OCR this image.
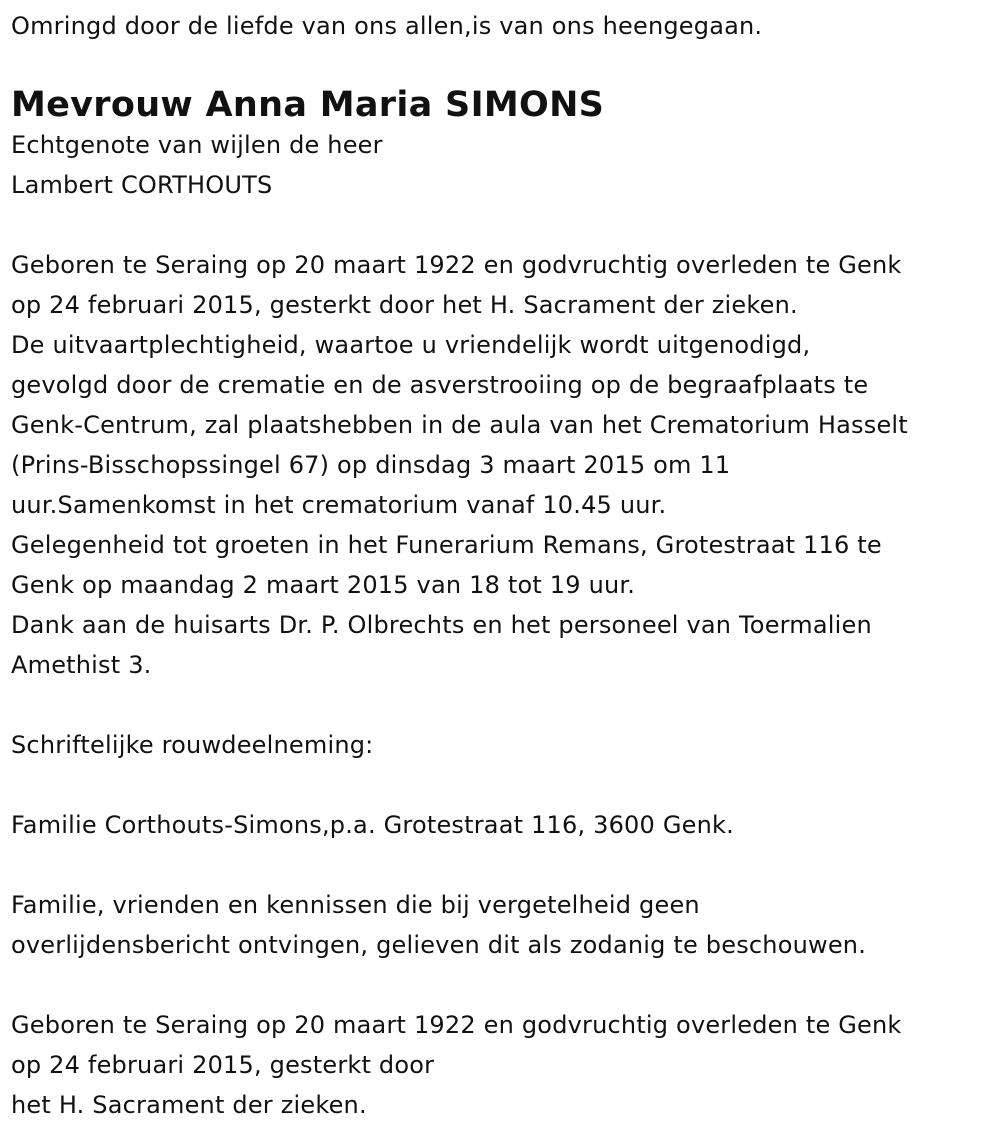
Omringd door de liefde van ons allen,is van ons heengegaan.
Mevrouw Anna Maria SIMONS
Echtgenote van wijlen de heer
Lambert CORTHOUTS
Geboren te Seraing op 20 maart 1922 en godvruchtig overleden te Genk
op 24 februari 2015, gesterkt door het H. Sacrament der zieken.
De uitvaartplechtigheid, waartoe u vriendelijk wordt uitgenodigd,
gevolgd door de crematie en de asverstrooiing op de begraafplaats te
Genk-Centrum, zal plaatshebben in de aula van het Crematorium Hasselt
(Prins-Bisschopssingel 67) op dinsdag 3 maart 2015 om 11
uur.Samenkomst in het crematorium vanaf 10.45 uur.
Gelegenheid tot groeten in het Funerarium Remans, Grotestraat 116 te
Genk op maandag 2 maart 2015 van 18 tot 19 uur.
Dank aan de huisarts Dr. P. Olbrechts en het personeel van Toermalien
Amethist 3.
Schriftelijke rouwdeelneming:
Familie Corthouts-Simons,p.a. Grotestraat 116, 3600 Genk.
Familie, vrienden en kennissen die bij vergetelheid geen
overlijdensbericht ontvingen, gelieven dit als zodanig te beschouwen.
Geboren te Seraing op 20 maart 1922 en godvruchtig overleden te Genk
op 24 februari 2015, gesterkt door
het H. Sacrament der zieken.
